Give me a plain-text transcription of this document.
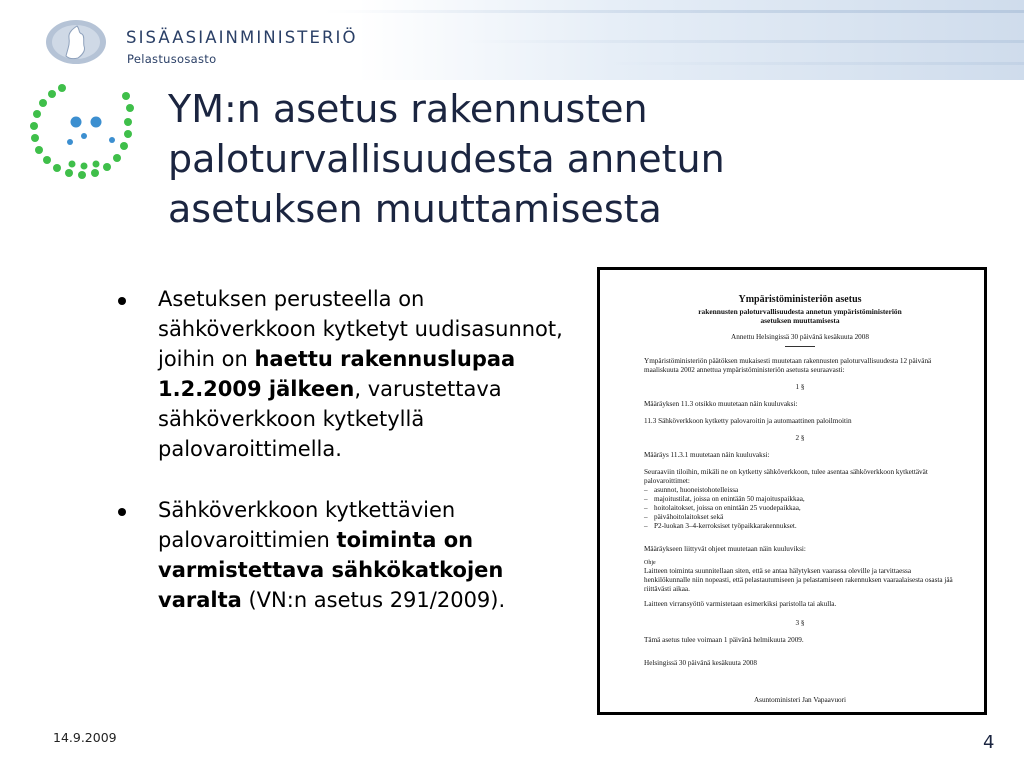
SISÄASIAINMINISTERIÖ
Pelastusosasto
YM:n asetus rakennusten paloturvallisuudesta annetun asetuksen muuttamisesta
Asetuksen perusteella on sähköverkkoon kytketyt uudisasunnot, joihin on haettu rakennuslupaa 1.2.2009 jälkeen, varustettava sähköverkkoon kytketyllä palovaroittimella.
Sähköverkkoon kytkettävien palovaroittimien toiminta on varmistettava sähkökatkojen varalta (VN:n asetus 291/2009).
Ympäristöministeriön asetus
rakennusten paloturvallisuudesta annetun ympäristöministeriön asetuksen muuttamisesta
Annettu Helsingissä 30 päivänä kesäkuuta 2008

Ympäristöministeriön päätöksen mukaisesti muutetaan rakennusten paloturvallisuudesta 12 päivänä maaliskuuta 2002 annettua ympäristöministeriön asetusta seuraavasti:

1 §

Määräyksen 11.3 otsikko muutetaan näin kuuluvaksi:

11.3 Sähköverkkoon kytketty palovaroitin ja automaattinen paloilmoitin

2 §

Määräys 11.3.1 muutetaan näin kuuluvaksi:

Seuraaviin tiloihin, mikäli ne on kytketty sähköverkkoon, tulee asentaa sähköverkkoon kytkettävät palovaroittimet:

– asunnot, huoneistohotelleissa
– majoitustilat, joissa on enintään 50 majoituspaikkaa,
– hoitolaitokset, joissa on enintään 25 vuodepaikkaa,
– päivähoitolaitokset sekä
– P2-luokan 3–4-kerroksiset työpaikkarakennukset.

Määräykseen liittyvät ohjeet muutetaan näin kuuluviksi:

Ohje

Laitteen toiminta suunnitellaan siten, että se antaa hälytyksen vaarassa oleville ja tarvittaessa henkilökunnalle niin nopeasti, että pelastautumiseen ja pelastamiseen rakennuksen vaaraalaisesta osasta jää riittävästi aikaa.

Laitteen virransyöttö varmistetaan esimerkiksi paristolla tai akulla.

3 §

Tämä asetus tulee voimaan 1 päivänä helmikuuta 2009.

Helsingissä 30 päivänä kesäkuuta 2008

Asuntoministeri Jan Vapaavuori
14.9.2009	4
